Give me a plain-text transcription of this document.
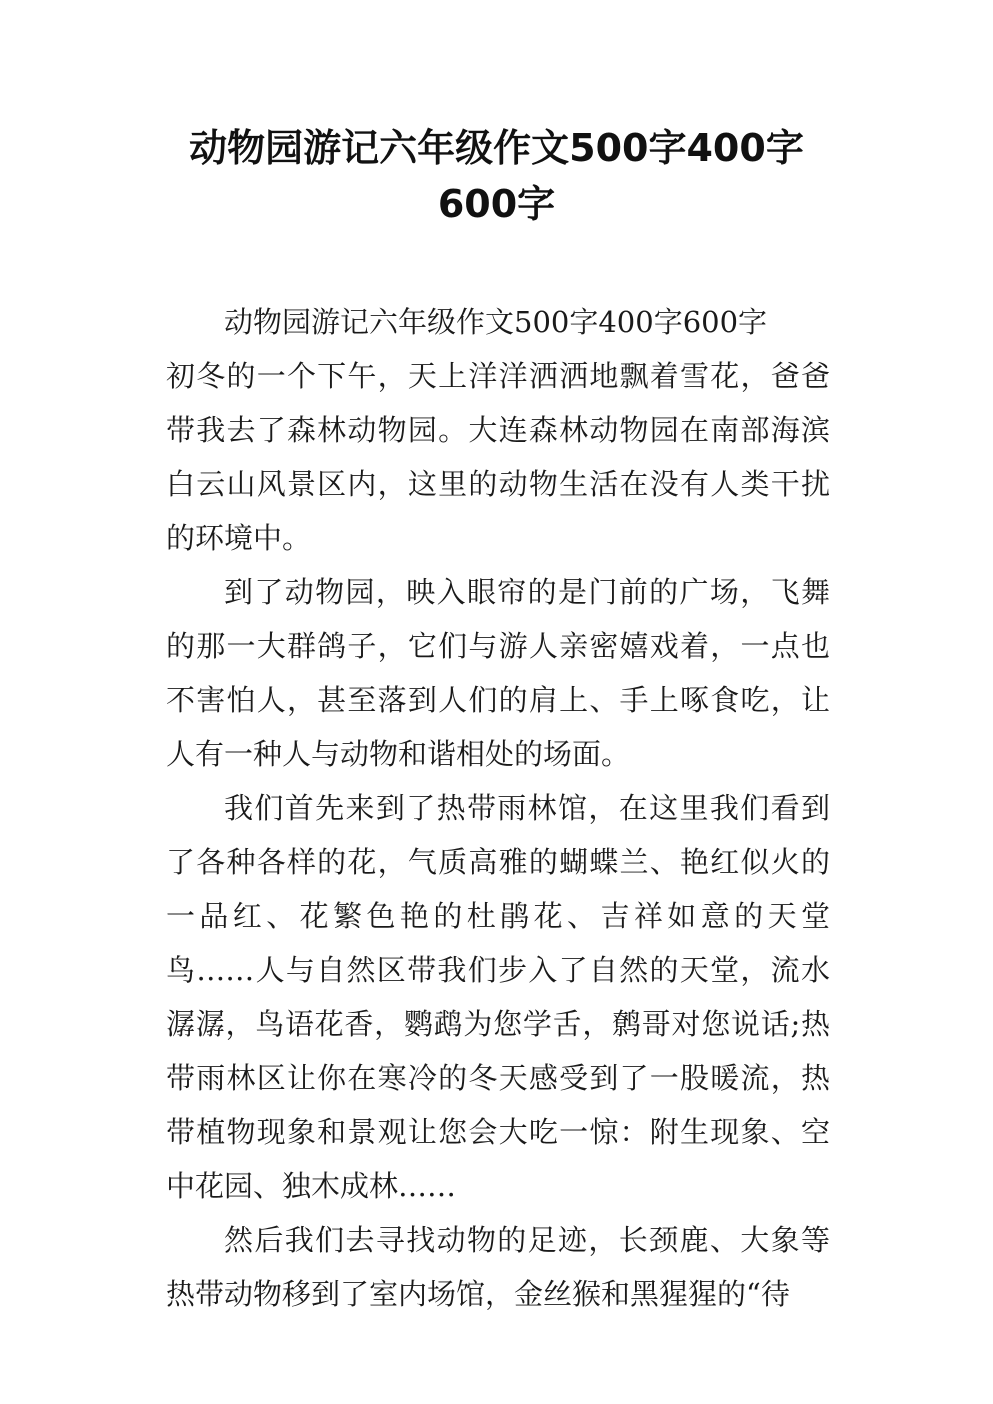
动物园游记六年级作文500字400字
600字

动物园游记六年级作文500字400字600字

初冬的一个下午，天上洋洋洒洒地飘着雪花，爸爸带我去了森林动物园。大连森林动物园在南部海滨白云山风景区内，这里的动物生活在没有人类干扰的环境中。

到了动物园，映入眼帘的是门前的广场，飞舞的那一大群鸽子，它们与游人亲密嬉戏着，一点也不害怕人，甚至落到人们的肩上、手上啄食吃，让人有一种人与动物和谐相处的场面。

我们首先来到了热带雨林馆，在这里我们看到了各种各样的花，气质高雅的蝴蝶兰、艳红似火的一品红、花繁色艳的杜鹃花、吉祥如意的天堂鸟……人与自然区带我们步入了自然的天堂，流水潺潺，鸟语花香，鹦鹉为您学舌，鹩哥对您说话;热带雨林区让你在寒冷的冬天感受到了一股暖流，热带植物现象和景观让您会大吃一惊：附生现象、空中花园、独木成林……

然后我们去寻找动物的足迹，长颈鹿、大象等热带动物移到了室内场馆，金丝猴和黑猩猩的“待
